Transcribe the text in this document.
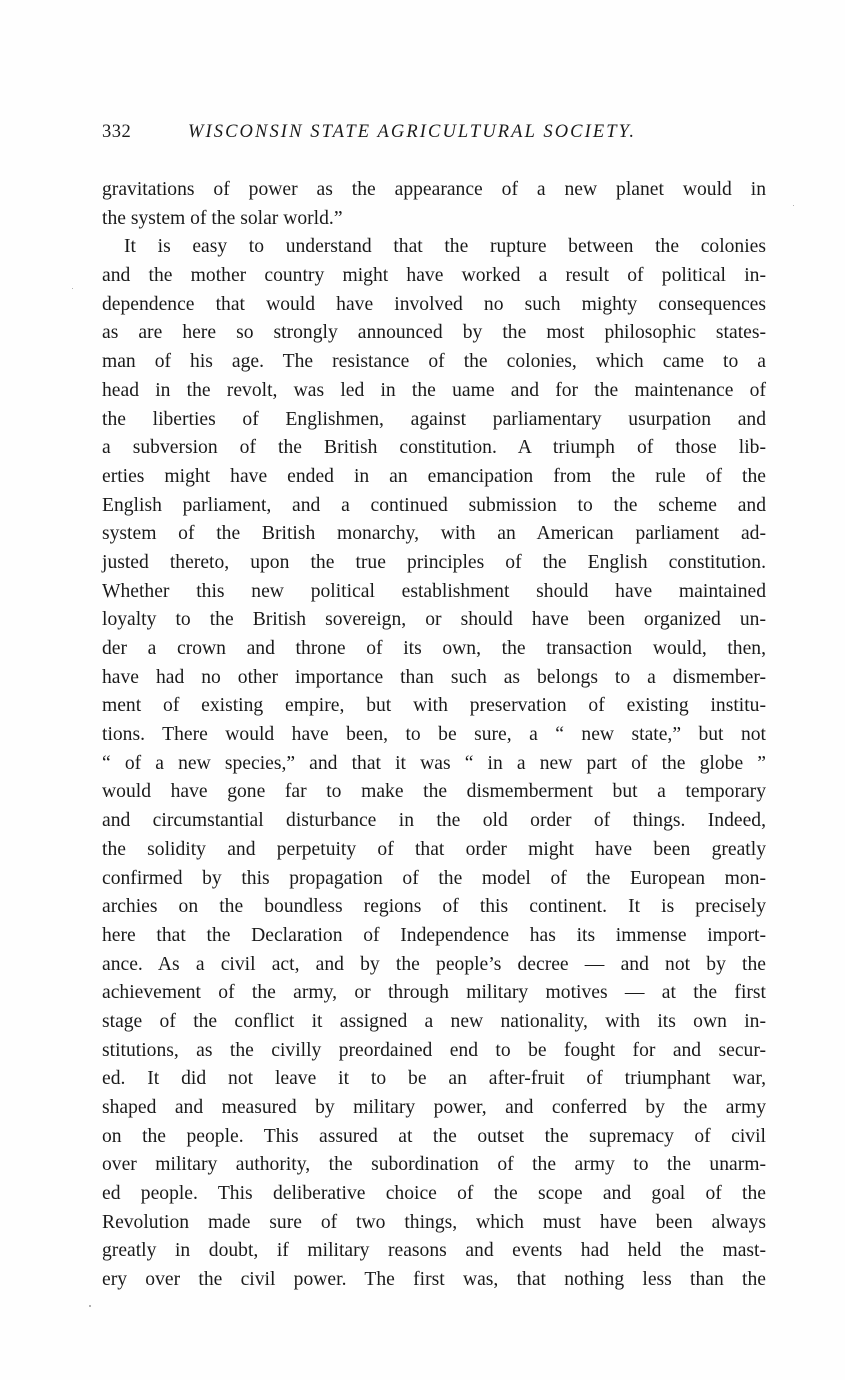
332	WISCONSIN STATE AGRICULTURAL SOCIETY.
gravitations of power as the appearance of a new planet would in
the system of the solar world.”
It is easy to understand that the rupture between the colonies
and the mother country might have worked a result of political in-
dependence that would have involved no such mighty consequences
as are here so strongly announced by the most philosophic states-
man of his age. The resistance of the colonies, which came to a
head in the revolt, was led in the uame and for the maintenance of
the liberties of Englishmen, against parliamentary usurpation and
a subversion of the British constitution. A triumph of those lib-
erties might have ended in an emancipation from the rule of the
English parliament, and a continued submission to the scheme and
system of the British monarchy, with an American parliament ad-
justed thereto, upon the true principles of the English constitution.
Whether this new political establishment should have maintained
loyalty to the British sovereign, or should have been organized un-
der a crown and throne of its own, the transaction would, then,
have had no other importance than such as belongs to a dismember-
ment of existing empire, but with preservation of existing institu-
tions. There would have been, to be sure, a “ new state,” but not
“ of a new species,” and that it was “ in a new part of the globe ”
would have gone far to make the dismemberment but a temporary
and circumstantial disturbance in the old order of things. Indeed,
the solidity and perpetuity of that order might have been greatly
confirmed by this propagation of the model of the European mon-
archies on the boundless regions of this continent. It is precisely
here that the Declaration of Independence has its immense import-
ance. As a civil act, and by the people’s decree — and not by the
achievement of the army, or through military motives — at the first
stage of the conflict it assigned a new nationality, with its own in-
stitutions, as the civilly preordained end to be fought for and secur-
ed. It did not leave it to be an after-fruit of triumphant war,
shaped and measured by military power, and conferred by the army
on the people. This assured at the outset the supremacy of civil
over military authority, the subordination of the army to the unarm-
ed people. This deliberative choice of the scope and goal of the
Revolution made sure of two things, which must have been always
greatly in doubt, if military reasons and events had held the mast-
ery over the civil power. The first was, that nothing less than the
